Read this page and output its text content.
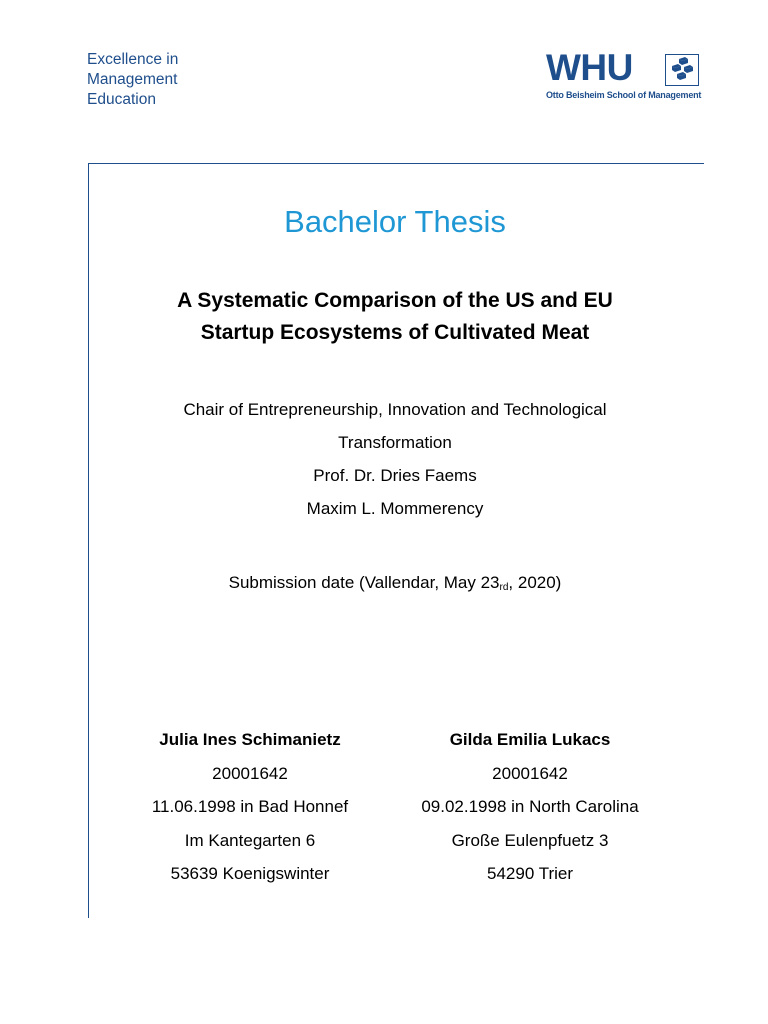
Excellence in
Management
Education
WHU
Otto Beisheim School of Management
Bachelor Thesis
A Systematic Comparison of the US and EU
Startup Ecosystems of Cultivated Meat
Chair of Entrepreneurship, Innovation and Technological
Transformation
Prof. Dr. Dries Faems
Maxim L. Mommerency
Submission date (Vallendar, May 23rd, 2020)
Julia Ines Schimanietz
20001642
11.06.1998 in Bad Honnef
Im Kantegarten 6
53639 Koenigswinter
Gilda Emilia Lukacs
20001642
09.02.1998 in North Carolina
Große Eulenpfuetz 3
54290 Trier
